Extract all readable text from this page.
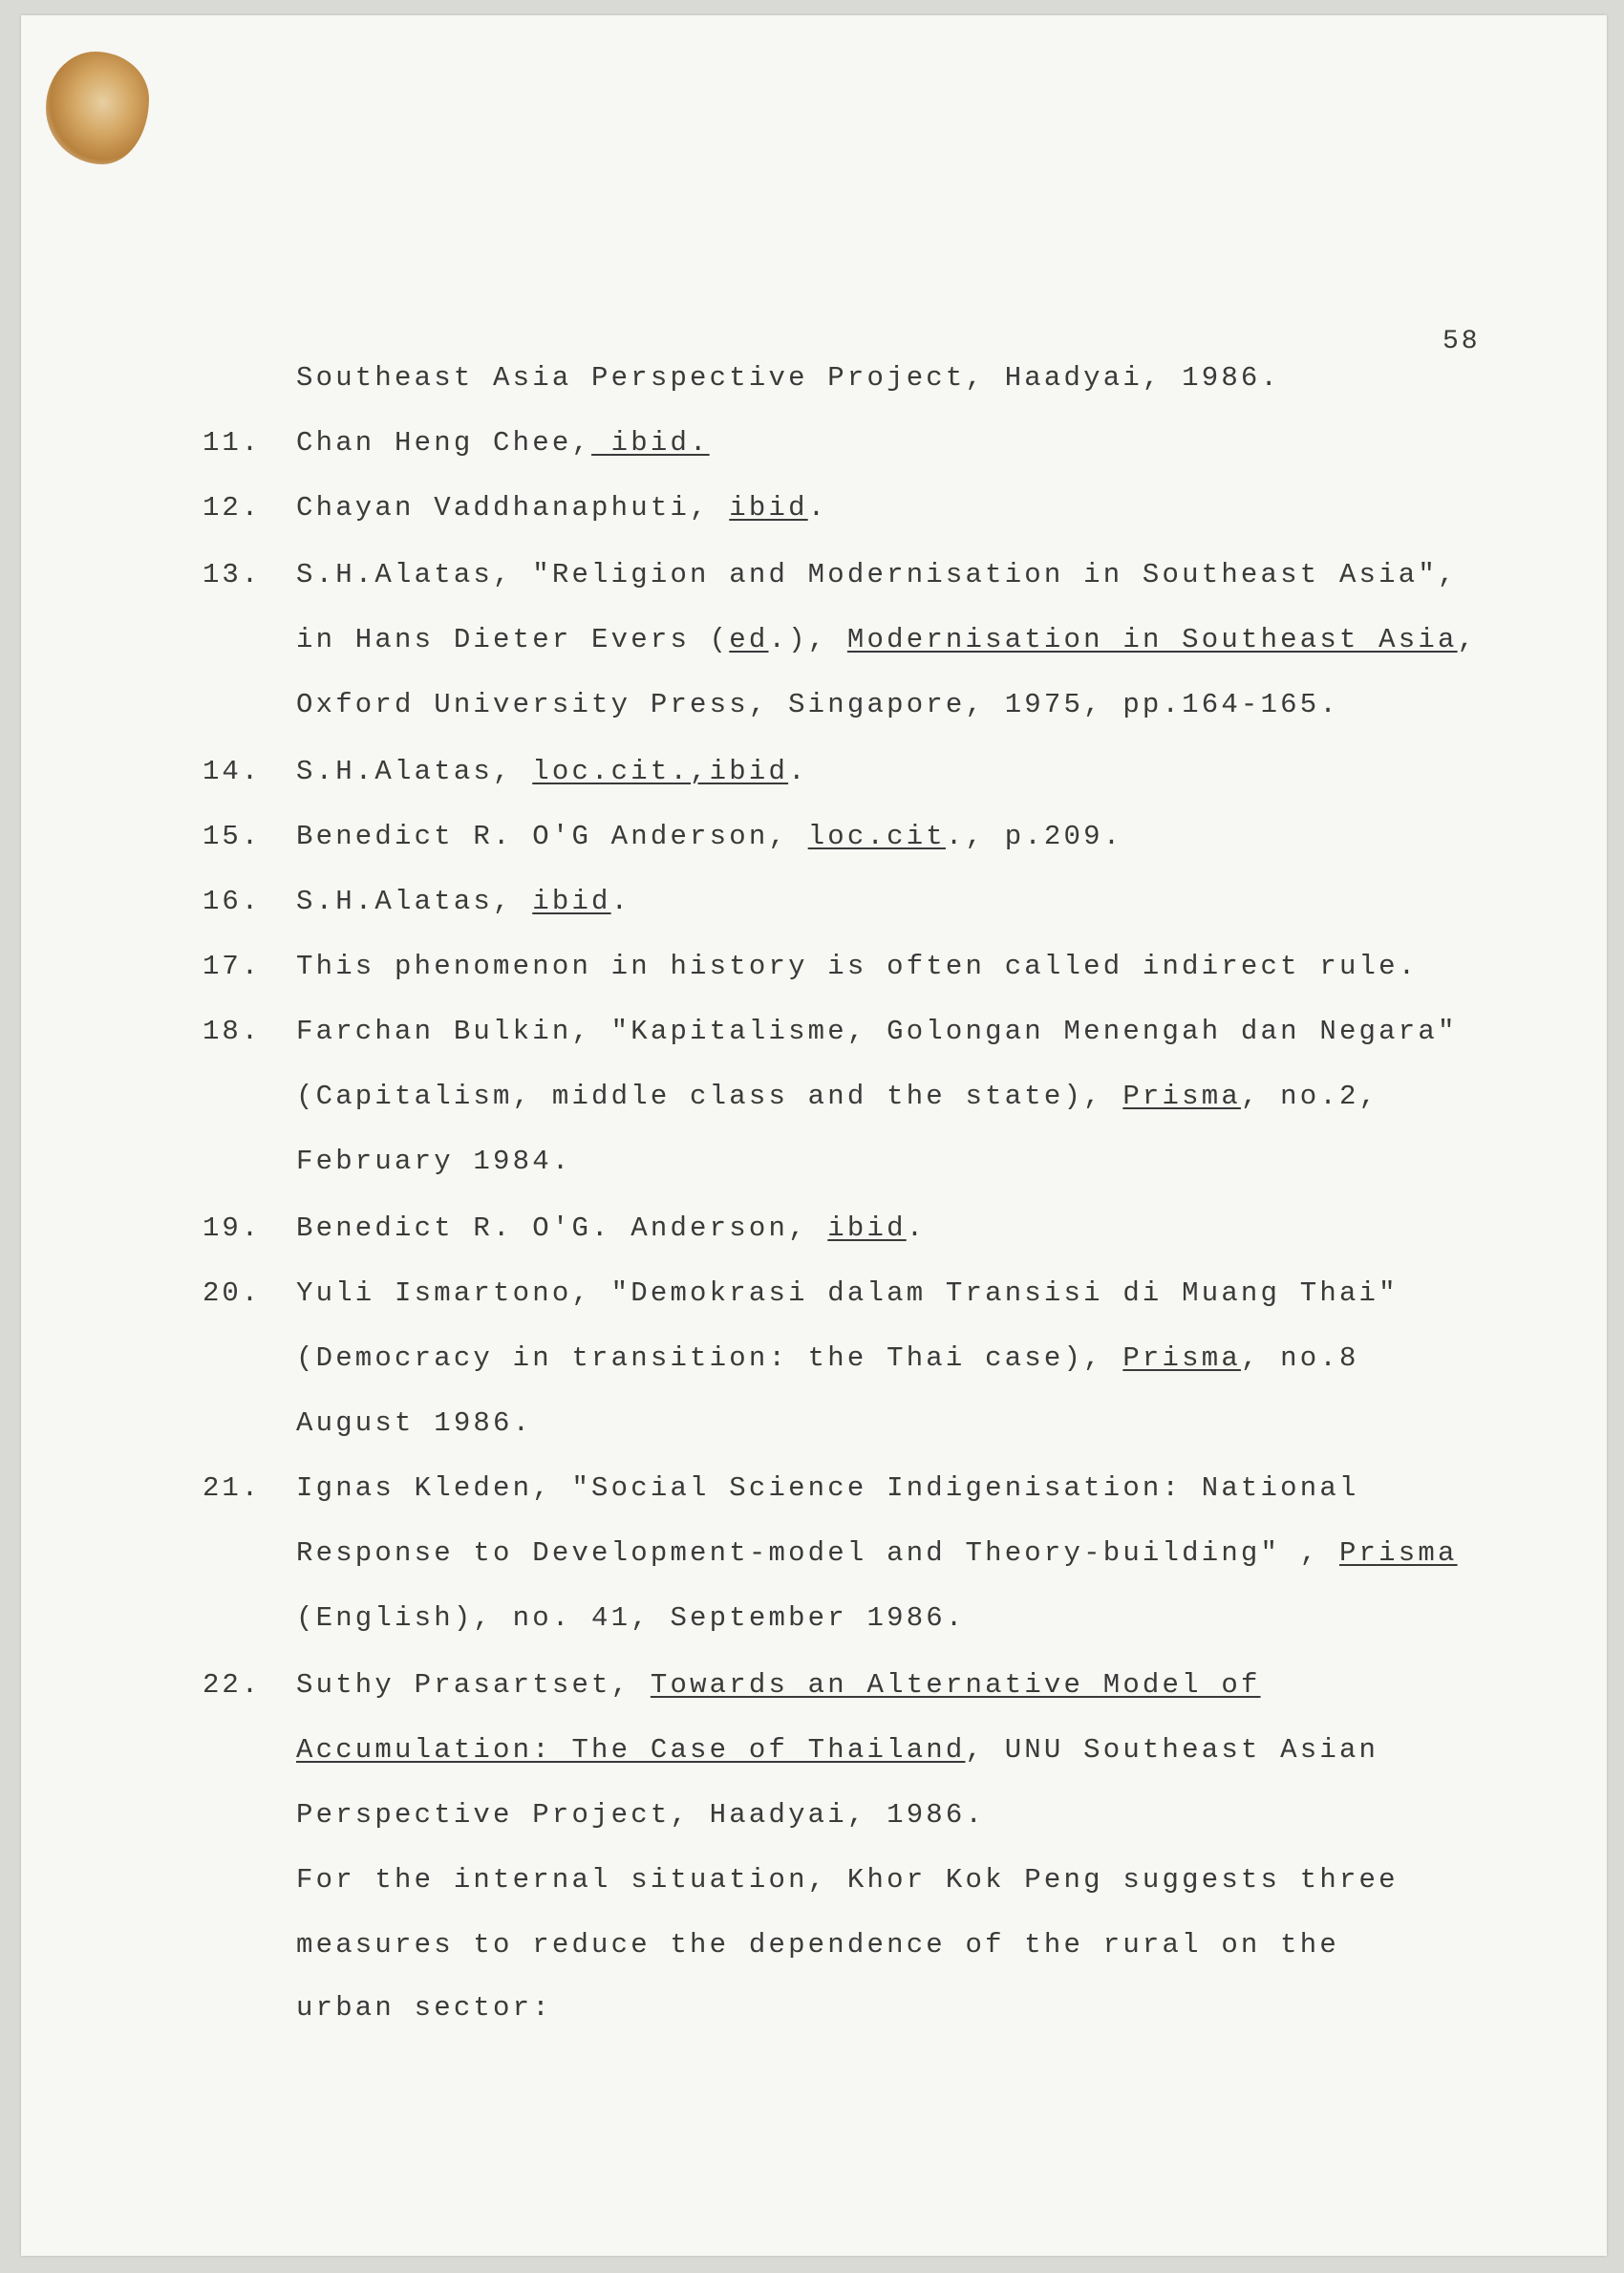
58
Southeast Asia Perspective Project, Haadyai, 1986.
11. Chan Heng Chee, ibid.
12. Chayan Vaddhanaphuti, ibid.
13. S.H.Alatas, "Religion and Modernisation in Southeast Asia",
in Hans Dieter Evers (ed.), Modernisation in Southeast Asia,
Oxford University Press, Singapore, 1975, pp.164-165.
14. S.H.Alatas, loc.cit.,ibid.
15. Benedict R. O'G Anderson, loc.cit., p.209.
16. S.H.Alatas, ibid.
17. This phenomenon in history is often called indirect rule.
18. Farchan Bulkin, "Kapitalisme, Golongan Menengah dan Negara"
(Capitalism, middle class and the state), Prisma, no.2,
February 1984.
19. Benedict R. O'G. Anderson, ibid.
20. Yuli Ismartono, "Demokrasi dalam Transisi di Muang Thai"
(Democracy in transition: the Thai case), Prisma, no.8
August 1986.
21. Ignas Kleden, "Social Science Indigenisation: National
Response to Development-model and Theory-building" , Prisma
(English), no. 41, September 1986.
22. Suthy Prasartset, Towards an Alternative Model of
Accumulation: The Case of Thailand, UNU Southeast Asian
Perspective Project, Haadyai, 1986.
For the internal situation, Khor Kok Peng suggests three
measures to reduce the dependence of the rural on the
urban sector:
